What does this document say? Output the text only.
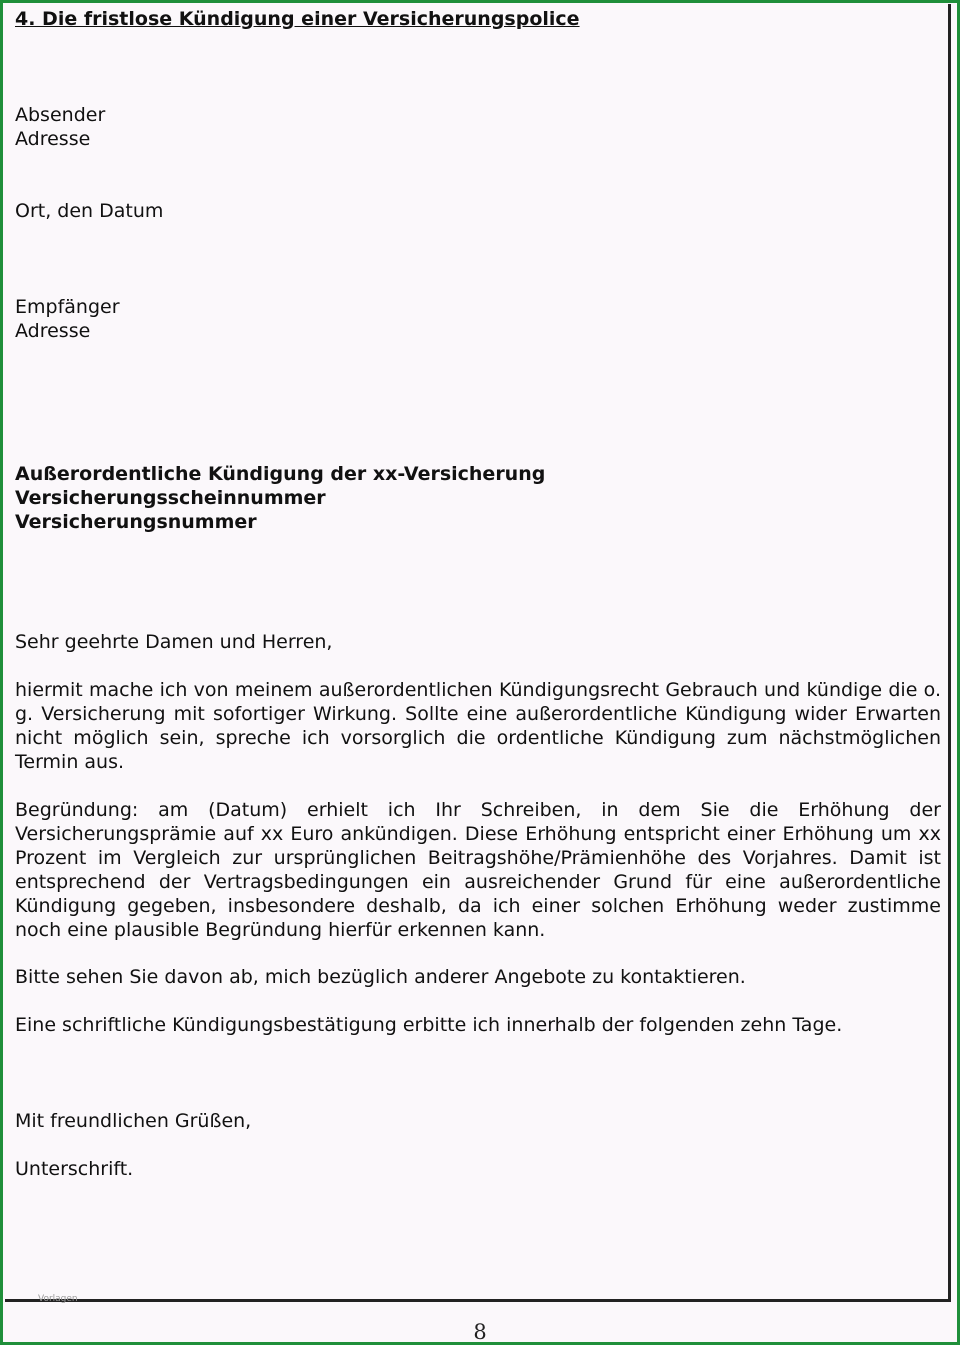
4. Die fristlose Kündigung einer Versicherungspolice

Absender

Adresse

Ort, den Datum

Empfänger

Adresse

Außerordentliche Kündigung der xx-Versicherung

Versicherungsscheinnummer

Versicherungsnummer

Sehr geehrte Damen und Herren,

hiermit mache ich von meinem außerordentlichen Kündigungsrecht Gebrauch und kündige die o. g. Versicherung mit sofortiger Wirkung. Sollte eine außerordentliche Kündigung wider Erwarten nicht möglich sein, spreche ich vorsorglich die ordentliche Kündigung zum nächstmöglichen Termin aus.

Begründung: am (Datum) erhielt ich Ihr Schreiben, in dem Sie die Erhöhung der Versicherungsprämie auf xx Euro ankündigen. Diese Erhöhung entspricht einer Erhöhung um xx Prozent im Vergleich zur ursprünglichen Beitragshöhe/Prämienhöhe des Vorjahres. Damit ist entsprechend der Vertragsbedingungen ein ausreichender Grund für eine außerordentliche Kündigung gegeben, insbesondere deshalb, da ich einer solchen Erhöhung weder zustimme noch eine plausible Begründung hierfür erkennen kann.

Bitte sehen Sie davon ab, mich bezüglich anderer Angebote zu kontaktieren.

Eine schriftliche Kündigungsbestätigung erbitte ich innerhalb der folgenden zehn Tage.

Mit freundlichen Grüßen,

Unterschrift.

Vorlagen
8
